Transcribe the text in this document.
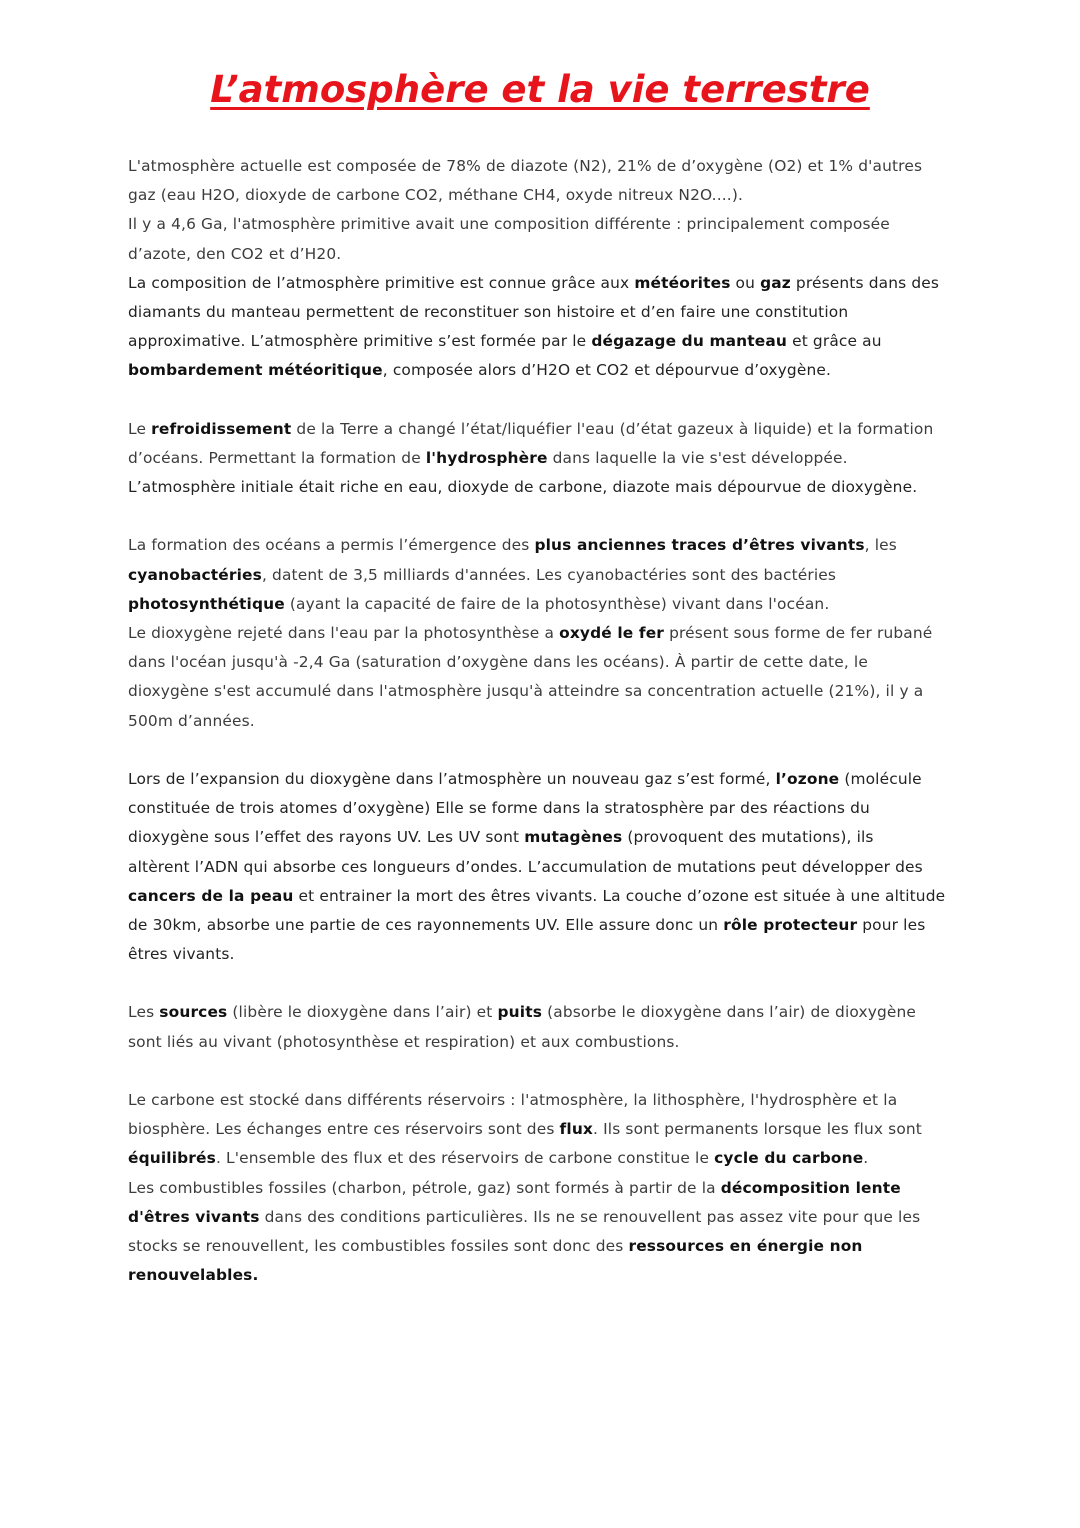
L’atmosphère et la vie terrestre
L'atmosphère actuelle est composée de 78% de diazote (N2), 21% de d’oxygène (O2) et 1% d'autres
gaz (eau H2O, dioxyde de carbone CO2, méthane CH4, oxyde nitreux N2O....).
Il y a 4,6 Ga, l'atmosphère primitive avait une composition différente : principalement composée
d’azote, den CO2 et d’H20.
La composition de l’atmosphère primitive est connue grâce aux météorites ou gaz présents dans des
diamants du manteau permettent de reconstituer son histoire et d’en faire une constitution
approximative. L’atmosphère primitive s’est formée par le dégazage du manteau et grâce au
bombardement météoritique, composée alors d’H2O et CO2 et dépourvue d’oxygène.
Le refroidissement de la Terre a changé l’état/liquéfier l'eau (d’état gazeux à liquide) et la formation
d’océans. Permettant la formation de l'hydrosphère dans laquelle la vie s'est développée.
L’atmosphère initiale était riche en eau, dioxyde de carbone, diazote mais dépourvue de dioxygène.
La formation des océans a permis l’émergence des plus anciennes traces d’êtres vivants, les
cyanobactéries, datent de 3,5 milliards d'années. Les cyanobactéries sont des bactéries
photosynthétique (ayant la capacité de faire de la photosynthèse) vivant dans l'océan.
Le dioxygène rejeté dans l'eau par la photosynthèse a oxydé le fer présent sous forme de fer rubané
dans l'océan jusqu'à -2,4 Ga (saturation d’oxygène dans les océans). À partir de cette date, le
dioxygène s'est accumulé dans l'atmosphère jusqu'à atteindre sa concentration actuelle (21%), il y a
500m d’années.
Lors de l’expansion du dioxygène dans l’atmosphère un nouveau gaz s’est formé, l’ozone (molécule
constituée de trois atomes d’oxygène) Elle se forme dans la stratosphère par des réactions du
dioxygène sous l’effet des rayons UV. Les UV sont mutagènes (provoquent des mutations), ils
altèrent l’ADN qui absorbe ces longueurs d’ondes. L’accumulation de mutations peut développer des
cancers de la peau et entrainer la mort des êtres vivants. La couche d’ozone est située à une altitude
de 30km, absorbe une partie de ces rayonnements UV. Elle assure donc un rôle protecteur pour les
êtres vivants.
Les sources (libère le dioxygène dans l’air) et puits (absorbe le dioxygène dans l’air) de dioxygène
sont liés au vivant (photosynthèse et respiration) et aux combustions.
Le carbone est stocké dans différents réservoirs : l'atmosphère, la lithosphère, l'hydrosphère et la
biosphère. Les échanges entre ces réservoirs sont des flux. Ils sont permanents lorsque les flux sont
équilibrés. L'ensemble des flux et des réservoirs de carbone constitue le cycle du carbone.
Les combustibles fossiles (charbon, pétrole, gaz) sont formés à partir de la décomposition lente
d'êtres vivants dans des conditions particulières. Ils ne se renouvellent pas assez vite pour que les
stocks se renouvellent, les combustibles fossiles sont donc des ressources en énergie non
renouvelables.
